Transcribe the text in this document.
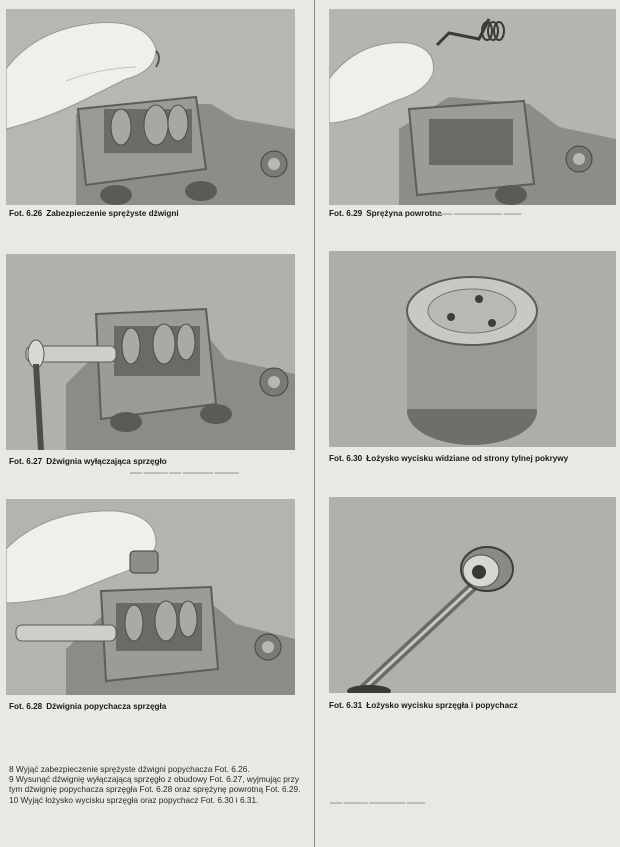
Fot. 6.26 Zabezpieczenie sprężyste dźwigni
Fot. 6.27 Dźwignia wyłączająca sprzęgło
▬▬ ▬▬▬▬ ▬▬ ▬▬▬▬▬ ▬▬▬▬
Fot. 6.28 Dźwignia popychacza sprzęgła

8 Wyjąć zabezpieczenie sprężyste dźwigni popychacza Fot. 6.26.

9 Wysunąć dźwignię wyłączającą sprzęgło z obudowy Fot. 6.27, wyjmując przy tym dźwignię popychacza sprzęgła Fot. 6.28 oraz sprężynę powrotną Fot. 6.29.

10 Wyjąć łożysko wycisku sprzęgła oraz popychacz Fot. 6.30 i 6.31.

Fot. 6.29 Sprężyna powrotna
▬▬ ▬▬▬▬▬▬▬▬ ▬▬▬
Fot. 6.30 Łożysko wycisku widziane od strony tylnej pokrywy
Fot. 6.31 Łożysko wycisku sprzęgła i popychacz
▬▬ ▬▬▬▬ ▬▬▬▬▬▬ ▬▬▬
